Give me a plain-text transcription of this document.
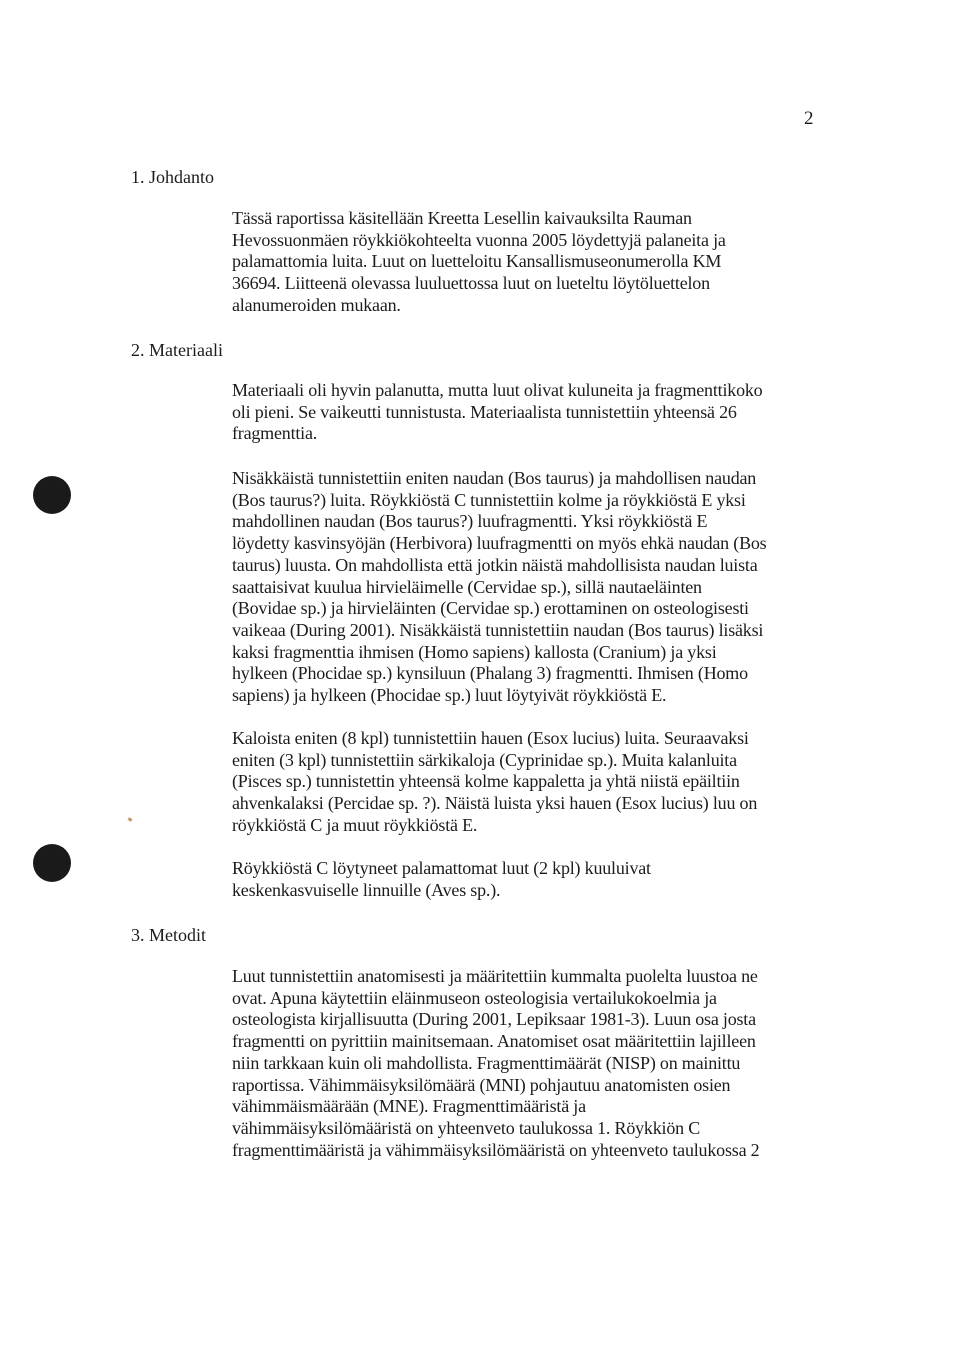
2
1. Johdanto
2. Materiaali
3. Metodit

Tässä raportissa käsitellään Kreetta Lesellin kaivauksilta Rauman
Hevossuonmäen röykkiökohteelta vuonna 2005 löydettyjä palaneita ja
palamattomia luita. Luut on luetteloitu Kansallismuseonumerolla KM
36694. Liitteenä olevassa luuluettossa luut on lueteltu löytöluettelon
alanumeroiden mukaan.

Materiaali oli hyvin palanutta, mutta luut olivat kuluneita ja fragmenttikoko
oli pieni. Se vaikeutti tunnistusta. Materiaalista tunnistettiin yhteensä 26
fragmenttia.

Nisäkkäistä tunnistettiin eniten naudan (Bos taurus) ja mahdollisen naudan
(Bos taurus?) luita. Röykkiöstä C tunnistettiin kolme ja röykkiöstä E yksi
mahdollinen naudan (Bos taurus?) luufragmentti. Yksi röykkiöstä E
löydetty kasvinsyöjän (Herbivora) luufragmentti on myös ehkä naudan (Bos
taurus) luusta. On mahdollista että jotkin näistä mahdollisista naudan luista
saattaisivat kuulua hirvieläimelle (Cervidae sp.), sillä nautaeläinten
(Bovidae sp.) ja hirvieläinten (Cervidae sp.) erottaminen on osteologisesti
vaikeaa (During 2001). Nisäkkäistä tunnistettiin naudan (Bos taurus) lisäksi
kaksi fragmenttia ihmisen (Homo sapiens) kallosta (Cranium) ja yksi
hylkeen (Phocidae sp.) kynsiluun (Phalang 3) fragmentti. Ihmisen (Homo
sapiens) ja hylkeen (Phocidae sp.) luut löytyivät röykkiöstä E.

Kaloista eniten (8 kpl) tunnistettiin hauen (Esox lucius) luita. Seuraavaksi
eniten (3 kpl) tunnistettiin särkikaloja (Cyprinidae sp.). Muita kalanluita
(Pisces sp.) tunnistettin yhteensä kolme kappaletta ja yhtä niistä epäiltiin
ahvenkalaksi (Percidae sp. ?). Näistä luista yksi hauen (Esox lucius) luu on
röykkiöstä C ja muut röykkiöstä E.

Röykkiöstä C löytyneet palamattomat luut (2 kpl) kuuluivat
keskenkasvuiselle linnuille (Aves sp.).

Luut tunnistettiin anatomisesti ja määritettiin kummalta puolelta luustoa ne
ovat. Apuna käytettiin eläinmuseon osteologisia vertailukokoelmia ja
osteologista kirjallisuutta (During 2001, Lepiksaar 1981-3). Luun osa josta
fragmentti on pyrittiin mainitsemaan. Anatomiset osat määritettiin lajilleen
niin tarkkaan kuin oli mahdollista. Fragmenttimäärät (NISP) on mainittu
raportissa. Vähimmäisyksilömäärä (MNI) pohjautuu anatomisten osien
vähimmäismäärään (MNE). Fragmenttimääristä ja
vähimmäisyksilömääristä on yhteenveto taulukossa 1. Röykkiön C
fragmenttimääristä ja vähimmäisyksilömääristä on yhteenveto taulukossa 2
